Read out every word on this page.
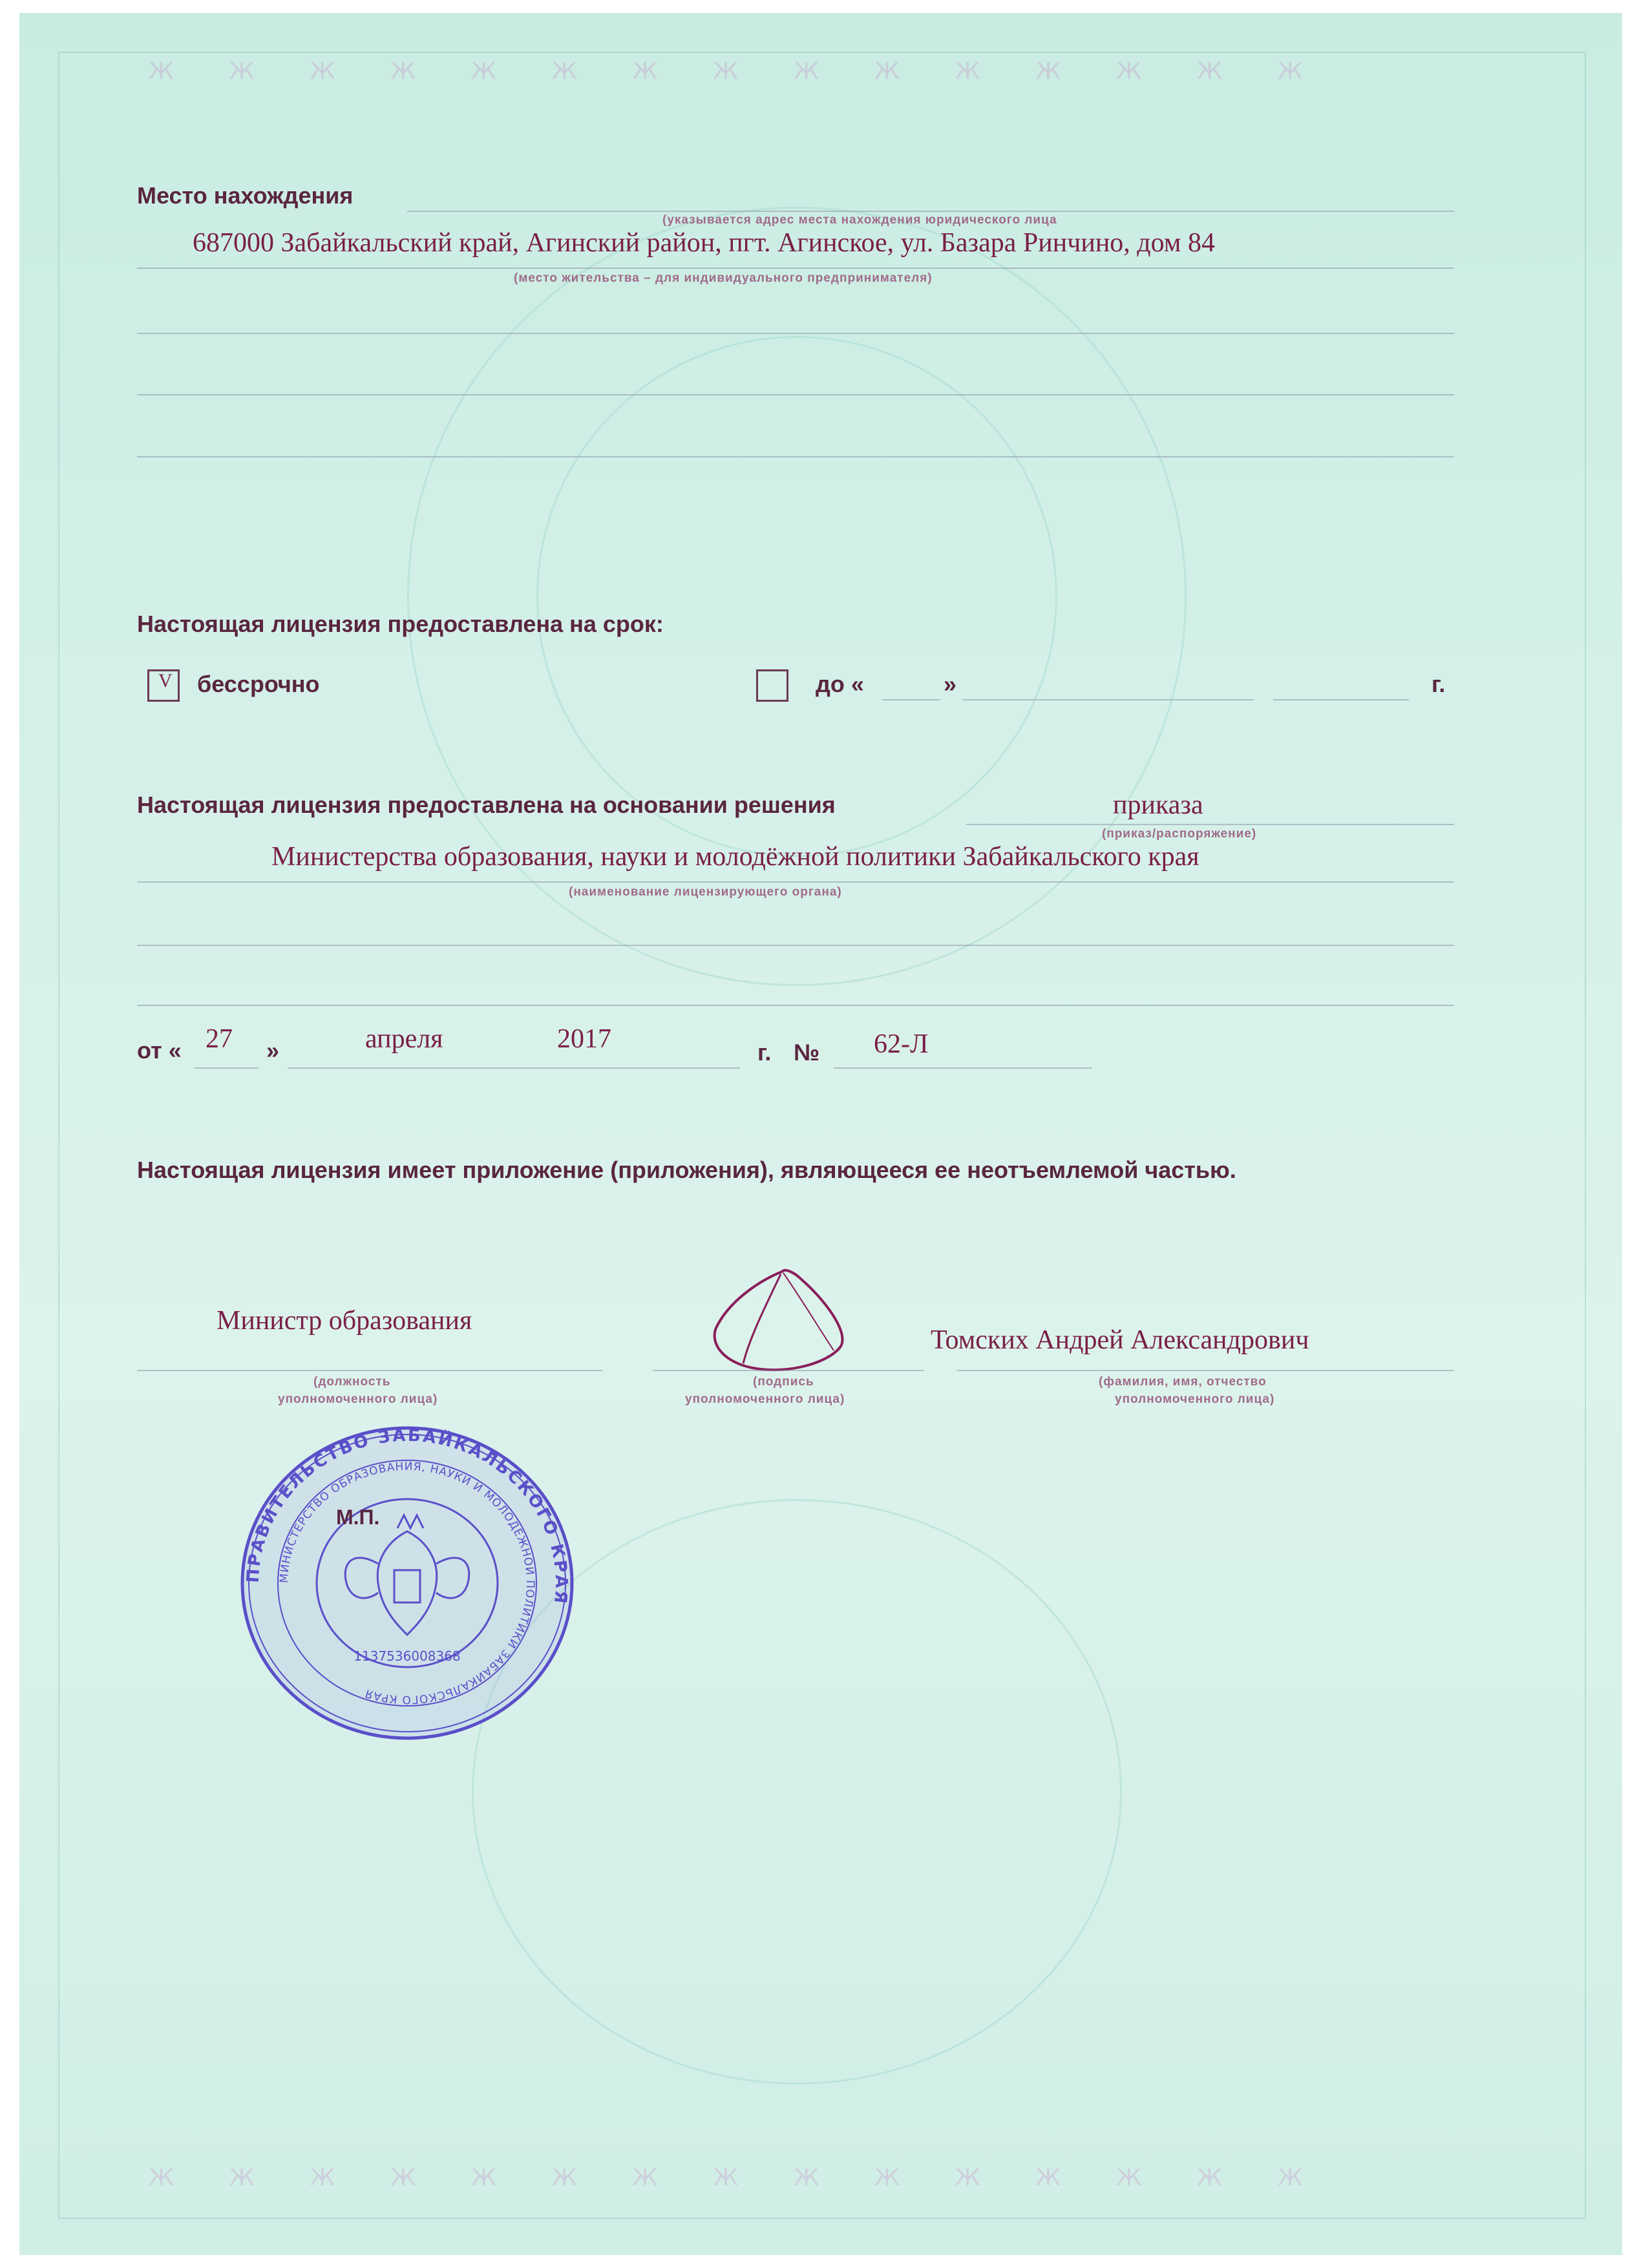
ЖЖЖЖЖЖЖЖЖЖЖЖЖЖЖ
ЖЖЖЖЖЖЖЖЖЖЖЖЖЖЖ
Место нахождения
(указывается адрес места нахождения юридического лица
687000 Забайкальский край, Агинский район, пгт. Агинское, ул. Базара Ринчино, дом 84
(место жительства – для индивидуального предпринимателя)
Настоящая лицензия предоставлена на срок:
V бессрочно	до «	»	г.
Настоящая лицензия предоставлена на основании решения	приказа
(приказ/распоряжение)
Министерства образования, науки и молодёжной политики Забайкальского края
(наименование лицензирующего органа)
от « 27 »	апреля	2017	г. № 62-Л
Настоящая лицензия имеет приложение (приложения), являющееся ее неотъемлемой частью.
Министр образования
(должность
уполномоченного лица)
(подпись
уполномоченного лица)
Томских Андрей Александрович
(фамилия, имя, отчество
уполномоченного лица)
ПРАВИТЕЛЬСТВО ЗАБАЙКАЛЬСКОГО КРАЯ
МИНИСТЕРСТВО ОБРАЗОВАНИЯ, НАУКИ И МОЛОДЕЖНОЙ ПОЛИТИКИ ЗАБАЙКАЛЬСКОГО КРАЯ
1137536008368
М.П.
